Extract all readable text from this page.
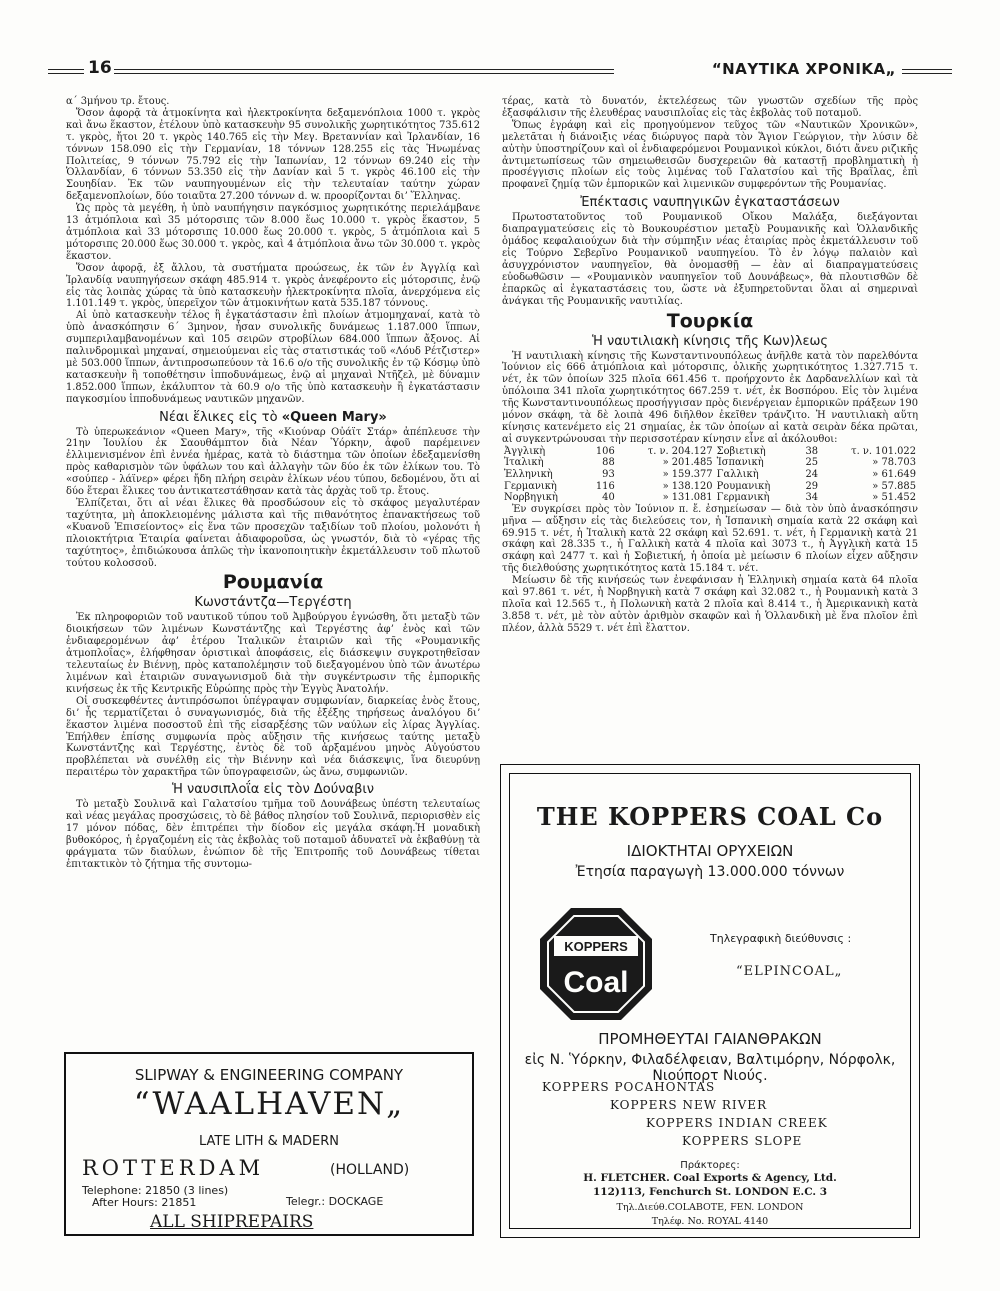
16	“ΝΑΥΤΙΚΑ ΧΡΟΝΙΚΑ„

α΄ 3μήνου τρ. ἔτους.

Ὅσον ἀφορᾷ τὰ ἀτμοκίνητα καὶ ἠλεκτροκίνητα δεξαμενόπλοια 1000 τ. γκρὸς καὶ ἄνω ἕκαστον, ἐτέλουν ὑπὸ κατασκευὴν 95 συνολικῆς χωρητικότητος 735.612 τ. γκρὸς, ἤτοι 20 τ. γκρὸς 140.765 εἰς τὴν Μεγ. Βρεταννίαν καὶ Ἰρλανδίαν, 16 τόννων 158.090 εἰς τὴν Γερμανίαν, 18 τόννων 128.255 εἰς τὰς Ἡνωμένας Πολιτείας, 9 τόννων 75.792 εἰς τὴν Ἰαπωνίαν, 12 τόννων 69.240 εἰς τὴν Ὁλλανδίαν, 6 τόννων 53.350 εἰς τὴν Δανίαν καὶ 5 τ. γκρὸς 46.100 εἰς τὴν Σουηδίαν. Ἐκ τῶν ναυπηγουμένων εἰς τὴν τελευταίαν ταύτην χώραν δεξαμενοπλοίων, δύο τοιαῦτα 27.200 τόννων d. w. προορίζονται διʼ Ἕλληνας.

Ὡς πρὸς τὰ μεγέθη, ἡ ὑπὸ ναυπήγησιν παγκόσμιος χωρητικότης περιελάμβανε 13 ἀτμόπλοια καὶ 35 μότορσιπς τῶν 8.000 ἕως 10.000 τ. γκρὸς ἕκαστον, 5 ἀτμόπλοια καὶ 33 μότορσιπς 10.000 ἕως 20.000 τ. γκρὸς, 5 ἀτμόπλοια καὶ 5 μότορσιπς 20.000 ἕως 30.000 τ. γκρὸς, καὶ 4 ἀτμόπλοια ἄνω τῶν 30.000 τ. γκρὸς ἕκαστον.

Ὅσον ἀφορᾷ, ἐξ ἄλλου, τὰ συστήματα προώσεως, ἐκ τῶν ἐν Ἀγγλίᾳ καὶ Ἰρλανδίᾳ ναυπηγήσεων σκάφη 485.914 τ. γκρὸς ἀνεφέροντο εἰς μότορσιπς, ἐνῷ εἰς τὰς λοιπὰς χώρας τὰ ὑπὸ κατασκευὴν ἠλεκτροκίνητα πλοῖα, ἀνερχόμενα εἰς 1.101.149 τ. γκρὸς, ὑπερεῖχον τῶν ἀτμοκινήτων κατὰ 535.187 τόννους.

Αἱ ὑπὸ κατασκευὴν τέλος ἢ ἐγκατάστασιν ἐπὶ πλοίων ἀτμομηχαναί, κατὰ τὸ ὑπὸ ἀνασκόπησιν 6΄ 3μηνον, ἦσαν συνολικῆς δυνάμεως 1.187.000 ἵππων, συμπεριλαμβανομένων καὶ 105 σειρῶν στροβίλων 684.000 ἵππων ἄξονος. Αἱ παλινδρομικαὶ μηχαναί, σημειούμεναι εἰς τὰς στατιστικάς τοῦ «Λόυδ Ρέτζιστερ» μὲ 503.000 ἵππων, ἀντιπροσωπεύουν τὰ 16.6 ο/ο τῆς συνολικῆς ἐν τῷ Κόσμῳ ὑπὸ κατασκευὴν ἢ τοποθέτησιν ἱπποδυνάμεως, ἐνῷ αἱ μηχαναὶ Ντῆζελ, μὲ δύναμιν 1.852.000 ἵππων, ἐκάλυπτον τὰ 60.9 ο/ο τῆς ὑπὸ κατασκευὴν ἢ ἐγκατάστασιν παγκοσμίου ἱπποδυνάμεως ναυτικῶν μηχανῶν.

Νέαι ἕλικες εἰς τὸ «Queen Mary»

Τὸ ὑπερωκεάνιον «Queen Mary», τῆς «Κιούναρ Οὐάϊτ Στάρ» ἀπέπλευσε τὴν 21ην Ἰουλίου ἐκ Σαουθάμπτον διὰ Νέαν Ὑόρκην, ἀφοῦ παρέμεινεν ἐλλιμενισμένον ἐπὶ ἐννέα ἡμέρας, κατὰ τὸ διάστημα τῶν ὁποίων ἐδεξαμενίσθη πρὸς καθαρισμὸν τῶν ὑφάλων του καὶ ἀλλαγὴν τῶν δύο ἐκ τῶν ἑλίκων του. Τὸ «σούπερ - λάϊνερ» φέρει ἤδη πλήρη σειρὰν ἑλίκων νέου τύπου, δεδομένου, ὅτι αἱ δύο ἕτεραι ἕλικες του ἀντικατεστάθησαν κατὰ τὰς ἀρχὰς τοῦ τρ. ἔτους.

Ἐλπίζεται, ὅτι αἱ νέαι ἕλικες θὰ προσδώσουν εἰς τὸ σκάφος μεγαλυτέραν ταχύτητα, μὴ ἀποκλειομένης μάλιστα καὶ τῆς πιθανότητος ἐπανακτήσεως τοῦ «Κυανοῦ Ἐπισείοντος» εἰς ἕνα τῶν προσεχῶν ταξιδίων τοῦ πλοίου, μολονότι ἡ πλοιοκτήτρια Ἑταιρία φαίνεται ἀδιαφοροῦσα, ὡς γνωστόν, διὰ τὸ «γέρας τῆς ταχύτητος», ἐπιδιώκουσα ἁπλῶς τὴν ἱκανοποιητικὴν ἐκμετάλλευσιν τοῦ πλωτοῦ τούτου κολοσσοῦ.

Ρουμανία
Κωνστάντζα—Τεργέστη

Ἐκ πληροφοριῶν τοῦ ναυτικοῦ τύπου τοῦ Ἀμβούργου ἐγνώσθη, ὅτι μεταξὺ τῶν διοικήσεων τῶν λιμένων Κωνστάντζης καὶ Τεργέστης ἀφʼ ἑνὸς καὶ τῶν ἐνδιαφερομένων ἀφʼ ἑτέρου Ἰταλικῶν ἑταιριῶν καὶ τῆς «Ρουμανικῆς ἀτμοπλοΐας», ἐλήφθησαν ὁριστικαὶ ἀποφάσεις, εἰς διάσκεψιν συγκροτηθεῖσαν τελευταίως ἐν Βιέννῃ, πρὸς καταπολέμησιν τοῦ διεξαγομένου ὑπὸ τῶν ἀνωτέρω λιμένων καὶ ἑταιριῶν συναγωνισμοῦ διὰ τὴν συγκέντρωσιν τῆς ἐμπορικῆς κινήσεως ἐκ τῆς Κεντρικῆς Εὐρώπης πρὸς τὴν Ἐγγὺς Ἀνατολήν.

Οἱ συσκεφθέντες ἀντιπρόσωποι ὑπέγραψαν συμφωνίαν, διαρκείας ἑνὸς ἔτους, διʼ ἧς τερματίζεται ὁ συναγωνισμός, διὰ τῆς ἐξέξης τηρήσεως ἀναλόγου διʼ ἕκαστον λιμένα ποσοστοῦ ἐπὶ τῆς εἰσαρξέσης τῶν ναύλων εἰς λίρας Ἀγγλίας. Ἐπήλθεν ἐπίσης συμφωνία πρὸς αὔξησιν τῆς κινήσεως ταύτης μεταξὺ Κωνστάντζης καὶ Τεργέστης, ἐντὸς δὲ τοῦ ἀρξαμένου μηνὸς Αὐγούστου προβλέπεται νὰ συνέλθῃ εἰς τὴν Βιέννην καὶ νέα διάσκεψις, ἵνα διευρύνῃ περαιτέρω τὸν χαρακτῆρα τῶν ὑπογραφεισῶν, ὡς ἄνω, συμφωνιῶν.

Ἡ ναυσιπλοΐα εἰς τὸν Δούναβιν

Τὸ μεταξὺ Σουλινᾶ καὶ Γαλατσίου τμῆμα τοῦ Δουνάβεως ὑπέστη τελευταίως καὶ νέας μεγάλας προσχώσεις, τὸ δὲ βάθος πλησίον τοῦ Σουλινᾶ, περιορισθὲν εἰς 17 μόνον πόδας, δὲν ἐπιτρέπει τὴν δίοδον εἰς μεγάλα σκάφη.Ἡ μοναδικὴ βυθοκόρος, ἡ ἐργαζομένη εἰς τὰς ἐκβολὰς τοῦ ποταμοῦ ἀδυνατεῖ νὰ ἐκβαθύνῃ τὰ φράγματα τῶν διαύλων, ἐνώπιον δὲ τῆς Ἐπιτροπῆς τοῦ Δουνάβεως τίθεται ἐπιτακτικὸν τὸ ζήτημα τῆς συντομω-

τέρας, κατὰ τὸ δυνατόν, ἐκτελέσεως τῶν γνωστῶν σχεδίων τῆς πρὸς ἐξασφάλισιν τῆς ἐλευθέρας ναυσιπλοΐας εἰς τὰς ἐκβολὰς τοῦ ποταμοῦ.

Ὅπως ἐγράφη καὶ εἰς προηγούμενον τεῦχος τῶν «Ναυτικῶν Χρονικῶν», μελετᾶται ἡ διάνοιξις νέας διώρυγος παρὰ τὸν Ἅγιον Γεώργιον, τὴν λύσιν δὲ αὐτὴν ὑποστηρίζουν καὶ οἱ ἐνδιαφερόμενοι Ρουμανικοὶ κύκλοι, διότι ἄνευ ριζικῆς ἀντιμετωπίσεως τῶν σημειωθεισῶν δυσχερειῶν θὰ καταστῇ προβληματικὴ ἡ προσέγγισις πλοίων εἰς τοὺς λιμένας τοῦ Γαλατσίου καὶ τῆς Βραΐλας, ἐπὶ προφανεῖ ζημίᾳ τῶν ἐμπορικῶν καὶ λιμενικῶν συμφερόντων τῆς Ρουμανίας.

Ἐπέκτασις ναυπηγικῶν ἐγκαταστάσεων

Πρωτοστατοῦντος τοῦ Ρουμανικοῦ Οἴκου Μαλάξα, διεξάγονται διαπραγματεύσεις εἰς τὸ Βουκουρέστιον μεταξὺ Ρουμανικῆς καὶ Ὁλλανδικῆς ὁμάδος κεφαλαιούχων διὰ τὴν σύμπηξιν νέας ἑταιρίας πρὸς ἐκμετάλλευσιν τοῦ εἰς Τούρνο Σεβερῖνο Ρουμανικοῦ ναυπηγείου. Τὸ ἐν λόγῳ παλαιὸν καὶ ἀσυγχρόνιστον ναυπηγεῖον, θὰ ὀνομασθῇ — ἐὰν αἱ διαπραγματεύσεις εὐοδωθῶσιν — «Ρουμανικὸν ναυπηγεῖον τοῦ Δουνάβεως», θὰ πλουτισθῶν δὲ ἐπαρκῶς αἱ ἐγκαταστάσεις του, ὥστε νὰ ἐξυπηρετοῦνται ὅλαι αἱ σημεριναὶ ἀνάγκαι τῆς Ρουμανικῆς ναυτιλίας.

Τουρκία
Ἡ ναυτιλιακὴ κίνησις τῆς Κων)λεως

Ἡ ναυτιλιακὴ κίνησις τῆς Κωνσταντινουπόλεως ἀνῆλθε κατὰ τὸν παρελθόντα Ἰούνιον εἰς 666 ἀτμόπλοια καὶ μότορσιπς, ὁλικῆς χωρητικότητος 1.327.715 τ. νέτ, ἐκ τῶν ὁποίων 325 πλοῖα 661.456 τ. προήρχοντο ἐκ Δαρδανελλίων καὶ τὰ ὑπόλοιπα 341 πλοῖα χωρητικότητος 667.259 τ. νέτ, ἐκ Βοσπόρου. Εἰς τὸν λιμένα τῆς Κωνσταντινουπόλεως προσήγγισαν πρὸς διενέργειαν ἐμπορικῶν πράξεων 190 μόνον σκάφη, τὰ δὲ λοιπὰ 496 διῆλθον ἐκεῖθεν τράνζιτο. Ἡ ναυτιλιακὴ αὕτη κίνησις κατενέμετο εἰς 21 σημαίας, ἐκ τῶν ὁποίων αἱ κατὰ σειρὰν δέκα πρῶται, αἱ συγκεντρώνουσαι τὴν περισσοτέραν κίνησιν εἶνε αἱ ἀκόλουθοι:

Ἀγγλικὴ	106	τ. ν. 204.127	Σοβιετικὴ	38	τ. ν. 101.022
Ἰταλικὴ	88	» 201.485	Ἰσπανικὴ	25	» 78.703
Ἑλληνικὴ	93	» 159.377	Γαλλικὴ	24	» 61.649
Γερμανικὴ	116	» 138.120	Ρουμανικὴ	29	» 57.885
Νορβηγικὴ	40	» 131.081	Γερμανικὴ	34	» 51.452

Ἐν συγκρίσει πρὸς τὸν Ἰούνιον π. ἔ. ἐσημείωσαν — διὰ τὸν ὑπὸ ἀνασκόπησιν μῆνα — αὔξησιν εἰς τὰς διελεύσεις τον, ἡ Ἰσπανικὴ σημαία κατὰ 22 σκάφη καὶ 69.915 τ. νέτ, ἡ Ἰταλικὴ κατὰ 22 σκάφη καὶ 52.691. τ. νέτ, ἡ Γερμανικὴ κατὰ 21 σκάφη καὶ 28.335 τ., ἡ Γαλλικὴ κατὰ 4 πλοῖα καὶ 3073 τ., ἡ Ἀγγλικὴ κατὰ 15 σκάφη καὶ 2477 τ. καὶ ἡ Σοβιετική, ἡ ὁποία μὲ μείωσιν 6 πλοίων εἶχεν αὔξησιν τῆς διελθούσης χωρητικότητος κατὰ 15.184 τ. νέτ.

Μείωσιν δὲ τῆς κινήσεώς των ἐνεφάνισαν ἡ Ἑλληνικὴ σημαία κατὰ 64 πλοῖα καὶ 97.861 τ. νέτ, ἡ Νορβηγικὴ κατὰ 7 σκάφη καὶ 32.082 τ., ἡ Ρουμανικὴ κατὰ 3 πλοῖα καὶ 12.565 τ., ἡ Πολωνικὴ κατὰ 2 πλοῖα καὶ 8.414 τ., ἡ Ἀμερικανικὴ κατὰ 3.858 τ. νέτ, μὲ τὸν αὐτὸν ἀριθμὸν σκαφῶν καὶ ἡ Ὁλλανδικὴ μὲ ἕνα πλοῖον ἐπὶ πλέον, ἀλλὰ 5529 τ. νέτ ἐπὶ ἔλαττον.

SLIPWAY & ENGINEERING COMPANY
“WAALHAVEN„
LATE LITH & MADERN
ROTTERDAM	(HOLLAND)
Telephone: 21850 (3 lines)
After Hours: 21851	Telegr.: DOCKAGE
ALL SHIPREPAIRS
THE KOPPERS COAL Co
ΙΔΙΟΚΤΗΤΑΙ ΟΡΥΧΕΙΩΝ
Ἐτησία παραγωγὴ 13.000.000 τόννων
KOPPERS
Coal
Τηλεγραφικὴ διεύθυνσις :
“ELPINCOAL„
ΠΡΟΜΗΘΕΥΤΑΙ ΓΑΙΑΝΘΡΑΚΩΝ
εἰς Ν. Ὑόρκην, Φιλαδέλφειαν, Βαλτιμόρην, Νόρφολκ, Νιούπορτ Νιούς.
KOPPERS POCAHONTAS
KOPPERS NEW RIVER
KOPPERS INDIAN CREEK
KOPPERS SLOPE
Πράκτορες:
H. FLETCHER. Coal Exports & Agency, Ltd.
112)113, Fenchurch St. LONDON E.C. 3
Τηλ.Διεύθ.COLABOTE, FEN. LONDON
Τηλέφ. No. ROYAL 4140
